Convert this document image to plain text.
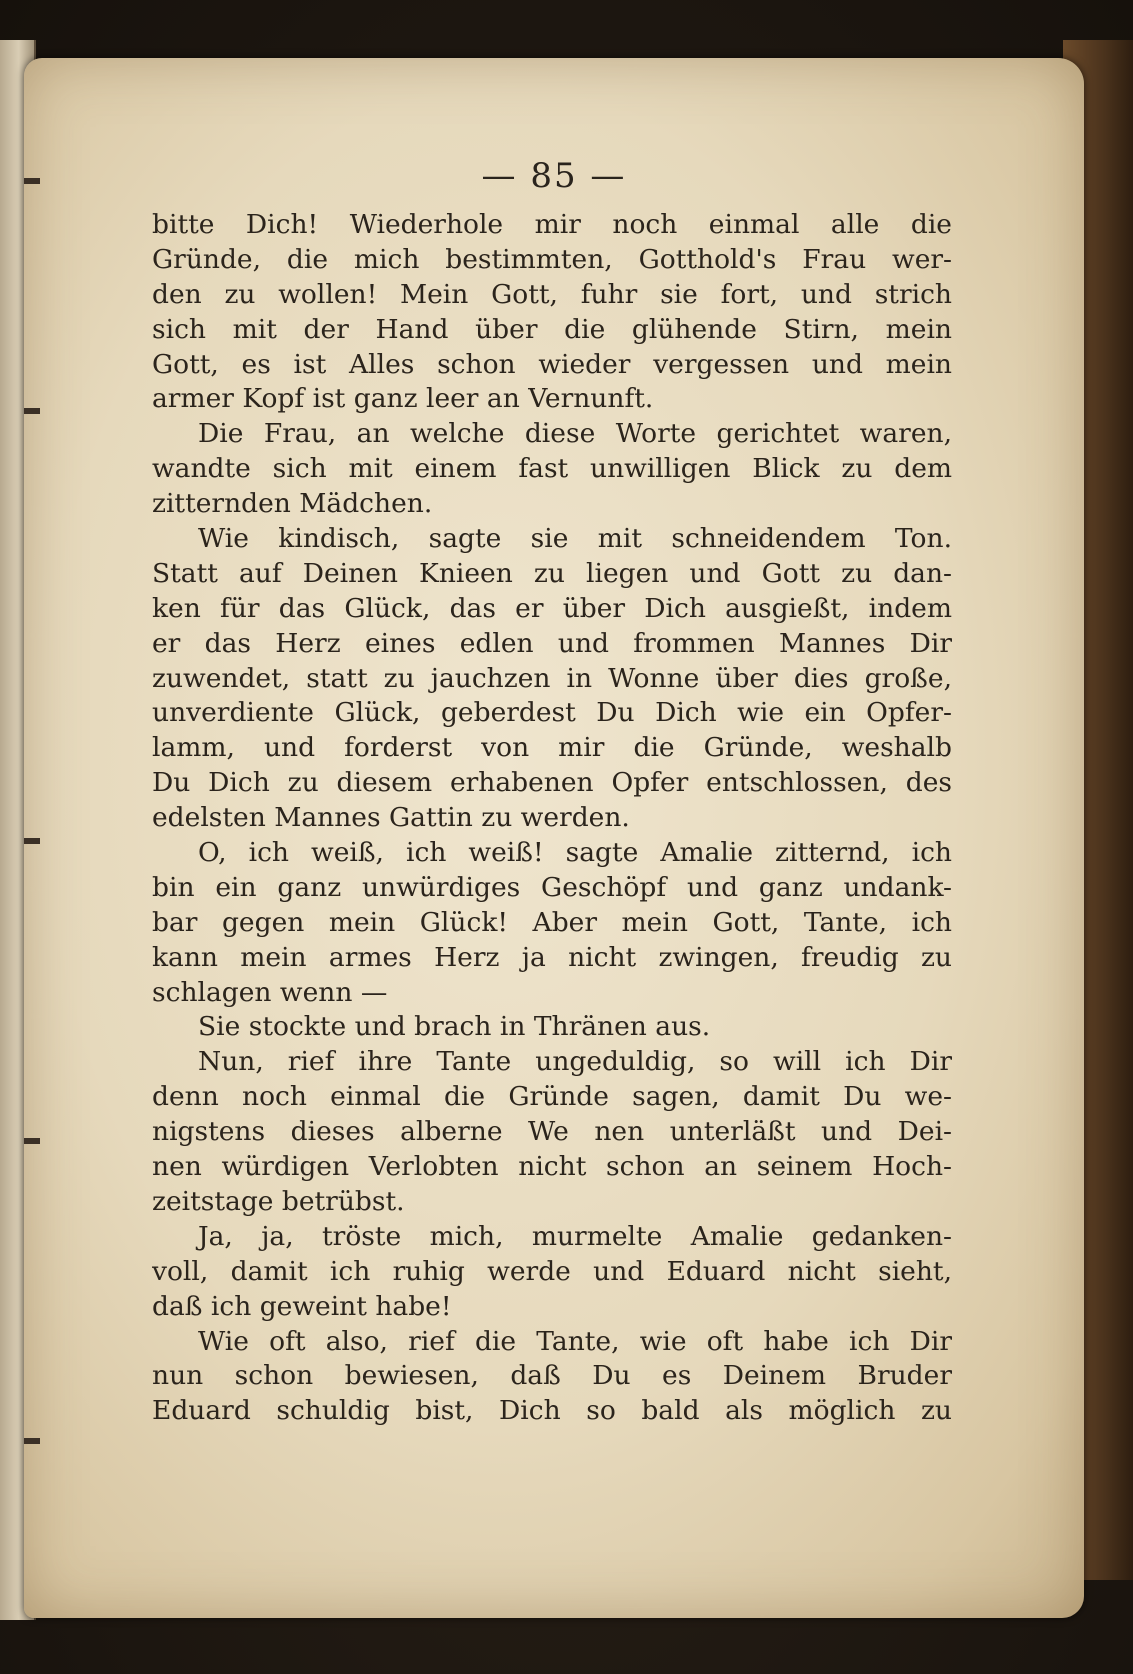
— 85 —
bitte Dich! Wiederhole mir noch einmal alle die
Gründe, die mich bestimmten, Gotthold's Frau wer-
den zu wollen! Mein Gott, fuhr sie fort, und strich
sich mit der Hand über die glühende Stirn, mein
Gott, es ist Alles schon wieder vergessen und mein
armer Kopf ist ganz leer an Vernunft.
Die Frau, an welche diese Worte gerichtet waren,
wandte sich mit einem fast unwilligen Blick zu dem
zitternden Mädchen.
Wie kindisch, sagte sie mit schneidendem Ton.
Statt auf Deinen Knieen zu liegen und Gott zu dan-
ken für das Glück, das er über Dich ausgießt, indem
er das Herz eines edlen und frommen Mannes Dir
zuwendet, statt zu jauchzen in Wonne über dies große,
unverdiente Glück, geberdest Du Dich wie ein Opfer-
lamm, und forderst von mir die Gründe, weshalb
Du Dich zu diesem erhabenen Opfer entschlossen, des
edelsten Mannes Gattin zu werden.
O, ich weiß, ich weiß! sagte Amalie zitternd, ich
bin ein ganz unwürdiges Geschöpf und ganz undank-
bar gegen mein Glück! Aber mein Gott, Tante, ich
kann mein armes Herz ja nicht zwingen, freudig zu
schlagen wenn —
Sie stockte und brach in Thränen aus.
Nun, rief ihre Tante ungeduldig, so will ich Dir
denn noch einmal die Gründe sagen, damit Du we-
nigstens dieses alberne We nen unterläßt und Dei-
nen würdigen Verlobten nicht schon an seinem Hoch-
zeitstage betrübst.
Ja, ja, tröste mich, murmelte Amalie gedanken-
voll, damit ich ruhig werde und Eduard nicht sieht,
daß ich geweint habe!
Wie oft also, rief die Tante, wie oft habe ich Dir
nun schon bewiesen, daß Du es Deinem Bruder
Eduard schuldig bist, Dich so bald als möglich zu
